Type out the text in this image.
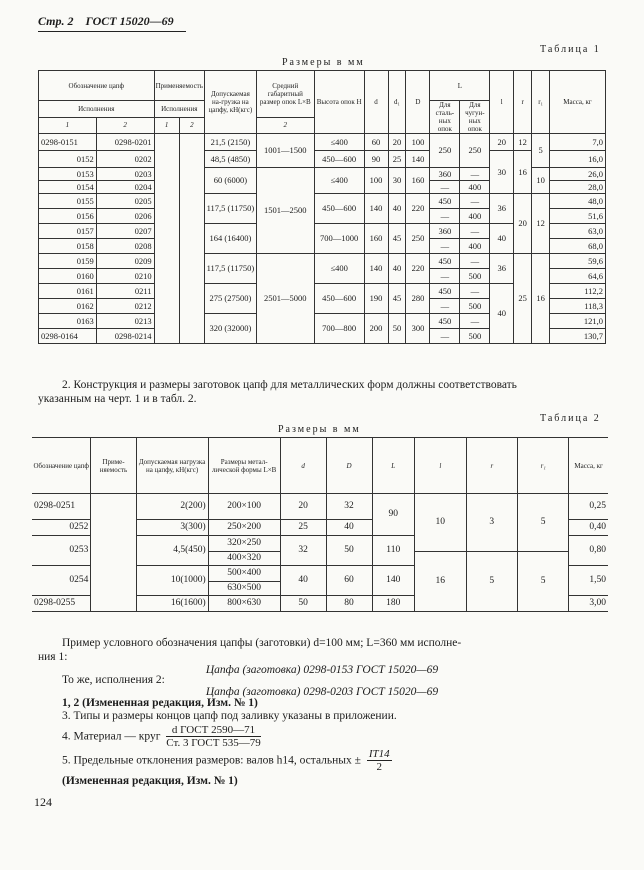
Стр. 2 ГОСТ 15020—69
Таблица 1
Размеры в мм
Обозначение цапф		Применяемость		Допускаемая на-грузка на цапфу, кН(кгс)	Средний габаритный размер опок L×B	Высота опок H	d	d₁	D	L		l	r	r₁	Масса, кг
Исполнения		Исполнения								Для сталь-ных опок	Для чугун-ных опок				
1	2	1	2		2										
0298-0151	0298-0201			21,5 (2150)	1001—1500	≤400	60	20	100	250	250	20	12	5	7,0
0152	0202			48,5 (4850)		450—600	90	25	140			30	16		16,0
0153	0203			60 (6000)	1501—2500	≤400	100	30	160	360	—			10	26,0
0154	0204									—	400				28,0
0155	0205			117,5 (11750)		450—600	140	40	220	450	—	36	20	12	48,0
0156	0206									—	400				51,6
0157	0207			164 (16400)		700—1000	160	45	250	360	—	40			63,0
0158	0208									—	400				68,0
0159	0209			117,5 (11750)	2501—5000	≤400	140	40	220	450	—	36	25	16	59,6
0160	0210									—	500				64,6
0161	0211			275 (27500)		450—600	190	45	280	450	—	40			112,2
0162	0212									—	500				118,3
0163	0213			320 (32000)		700—800	200	50	300	450	—				121,0
0298-0164	0298-0214									—	500				130,7
2. Конструкция и размеры заготовок цапф для металлических форм должны соответствовать
указанным на черт. 1 и в табл. 2.
Таблица 2
Размеры в мм
Обозначение цапф	Приме-няемость	Допускаемая нагрузка на цапфу, кН(кгс)	Размеры метал-лической формы L×B	d	D	L	l	r	r₁	Масса, кг
0298-0251		2(200)	200×100	20	32	90	10	3	5	0,25
0252		3(300)	250×200	25	40					0,40
0253		4,5(450)	320×250	32	50	110				0,80
			400×320				16	5	5	
0254		10(1000)	500×400	40	60	140				1,50
			630×500							
0298-0255		16(1600)	800×630	50	80	180				3,00
Пример условного обозначения цапфы (заготовки) d=100 мм; L=360 мм исполне-
ния 1:
Цапфа (заготовка) 0298-0153 ГОСТ 15020—69
То же, исполнения 2:
Цапфа (заготовка) 0298-0203 ГОСТ 15020—69
1, 2 (Измененная редакция, Изм. № 1)
3. Типы и размеры концов цапф под заливку указаны в приложении.
4. Материал — круг $\frac{\text{d ГОСТ 2590—71}}{\text{Ст. 3 ГОСТ 535—79}}$
5. Предельные отклонения размеров: валов h14, остальных ± $\frac{IT14}{2}$
(Измененная редакция, Изм. № 1)
124
